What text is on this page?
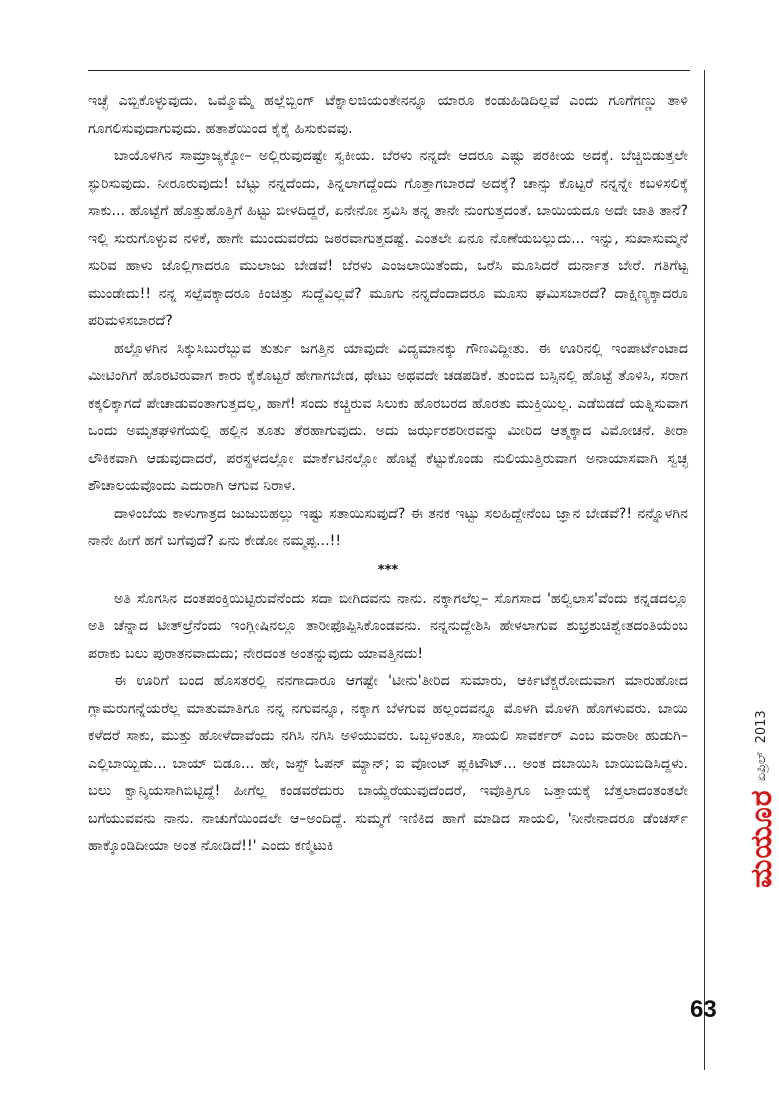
ಇಚ್ಛೆ ಎಬ್ಬಿಕೊಳ್ಳುವುದು. ಒಮ್ಮೊಮ್ಮೆ ಹಲ್ಲೆಬ್ಬಿಂಗ್ ಟೆಕ್ನಾಲಜಿಯಂತೇನನ್ನೂ ಯಾರೂ ಕಂಡುಹಿಡಿದಿಲ್ಲವೆ ಎಂದು ಗೂಗೆಗಣ್ಣು ತಾಳಿ ಗೂಗಲಿಸುವುದಾಗುವುದು. ಹತಾಶೆಯಿಂದ ಕೈಕೈ ಹಿಸುಕುವವು.

ಬಾಯೊಳಗಿನ ಸಾಮ್ರಾಜ್ಯಕ್ಕೋ– ಅಲ್ಲಿರುವುದಷ್ಟೇ ಸ್ವಕೀಯ. ಬೆರಳು ನನ್ನದೇ ಆದರೂ ಎಷ್ಟು ಪರಕೀಯ ಅದಕ್ಕೆ. ಬೆಚ್ಚಿಬಿಡುತ್ತಲೇ ಸ್ಫುರಿಸುವುದು. ನೀರೂರುವುದು! ಬೆಟ್ಟು ನನ್ನದೆಂದು, ತಿನ್ನಲಾಗದ್ದೆಂದು ಗೊತ್ತಾಗಬಾರದೆ ಅದಕ್ಕೆ? ಚಾನ್ಸು ಕೊಟ್ಟರೆ ನನ್ನನ್ನೇ ಕಬಳಿಸಲಿಕ್ಕೆ ಸಾಕು... ಹೊಟ್ಟೆಗೆ ಹೊತ್ತುಹೊತ್ತಿಗೆ ಹಿಟ್ಟು ಬೀಳದಿದ್ದರೆ, ಏನೇನೋ ಸ್ರವಿಸಿ ತನ್ನ ತಾನೇ ನುಂಗುತ್ತದಂತೆ. ಬಾಯಿಯದೂ ಅದೇ ಜಾತಿ ತಾನೆ? ಇಲ್ಲಿ ಸುರುಗೊಳ್ಳುವ ನಳಿಕೆ, ಹಾಗೇ ಮುಂದುವರೆದು ಜಠರವಾಗುತ್ತದಷ್ಟೆ. ಎಂತಲೇ ಏನೂ ನೊಣೆಯಬಲ್ಲುದು... ಇನ್ನು, ಸುಖಾಸುಮ್ಮನೆ ಸುರಿವ ಹಾಳು ಜೊಲ್ಲಿಗಾದರೂ ಮುಲಾಜು ಬೇಡವೆ! ಬೆರಳು ಎಂಜಲಾಯಿತೆಂದು, ಒರೆಸಿ ಮೂಸಿದರೆ ದುರ್ನಾತ ಬೇರೆ. ಗತಿಗೆಟ್ಟ ಮುಂಡೇದು!! ನನ್ನ ಸಲ್ಪೆವಕ್ಕಾದರೂ ಕಿಂಚಿತ್ತು ಸುದ್ದೆವಿಲ್ಲವೆ? ಮೂಗು ನನ್ನದೆಂದಾದರೂ ಮೂಸು ಘಮಿಸಬಾರದೆ? ದಾಕ್ಷಿಣ್ಯಕ್ಕಾದರೂ ಪರಿಮಳಿಸಬಾರದೆ?

ಹಲ್ಲೊಳಗಿನ ಸಿಕ್ಕುಸಿಬುರೆಬ್ಬುವ ತುರ್ತು ಜಗತ್ತಿನ ಯಾವುದೇ ವಿದ್ಯಮಾನಕ್ಕು ಗೌಣವಿದ್ದೀತು. ಈ ಊರಿನಲ್ಲಿ ಇಂಪಾರ್ಟೆಂಟಾದ ಮೀಟಿಂಗಿಗೆ ಹೊರಟಿರುವಾಗ ಕಾರು ಕೈಕೊಟ್ಟರೆ ಹೇಗಾಗಬೇಡ, ಥೇಟು ಅಥವದೇ ಚಡಪಡಿಕೆ. ತುಂಬಿದ ಬಸ್ಸಿನಲ್ಲಿ ಹೊಟ್ಟೆ ತೊಳಿಸಿ, ಸರಾಗ ಕಕ್ಕಲಿಕ್ಕಾಗದೆ ಪೇಚಾಡುವಂತಾಗುತ್ತದಲ್ಲ, ಹಾಗೆ! ಸಂದು ಕಚ್ಚಿರುವ ಸಿಲುಕು ಹೊರಬರದ ಹೊರತು ಮುಕ್ತಿಯಿಲ್ಲ. ಎಡೆಬಿಡದೆ ಯತ್ನಿಸುವಾಗ ಒಂದು ಅಮೃತಘಳಿಗೆಯಲ್ಲಿ ಹಲ್ಲಿನ ತೂತು ತೆರಹಾಗುವುದು. ಅದು ಜರ್ಝರಶರೀರವನ್ನು ಮೀರಿದ ಆತ್ಮಕ್ಕಾದ ವಿಮೋಚನೆ. ತೀರಾ ಲೌಕಿಕವಾಗಿ ಆಡುವುದಾದರೆ, ಪರಸ್ಥಳದಲ್ಲೋ ಮಾರ್ಕೆಟಿನಲ್ಲೋ ಹೊಟ್ಟೆ ಕೆಟ್ಟುಕೊಂಡು ನುಲಿಯುತ್ತಿರುವಾಗ ಅನಾಯಾಸವಾಗಿ ಸ್ವಚ್ಛ ಶೌಚಾಲಯವೊಂದು ಎದುರಾಗಿ ಆಗುವ ನಿರಾಳ.

ದಾಳಿಂಬೆಯ ಕಾಳುಗಾತ್ರದ ಜುಜುಬಿಹಲ್ಲು ಇಷ್ಟು ಸತಾಯಿಸುವುದೆ? ಈ ತನಕ ಇಟ್ಟು ಸಲಹಿದ್ದೇನೆಂಬ ಜ್ಞಾನ ಬೇಡವೆ?! ನನ್ನೊಳಗಿನ ನಾನೇ ಹೀಗೆ ಹಗೆ ಬಗೆವುದೆ? ಏನು ಕೇಡೋ ನಮ್ಮಪ್ಪ...!!

***

ಅತಿ ಸೊಗಸಿನ ದಂತಪಂಕ್ತಿಯಿಟ್ಟಿರುವೆನೆಂದು ಸದಾ ಬೀಗಿದವನು ನಾನು. ನಕ್ಕಾಗಲೆಲ್ಲ– ಸೊಗಸಾದ 'ಹಲ್ವಿಲಾಸ'ವೆಂದು ಕನ್ನಡದಲ್ಲೂ ಅತಿ ಚೆನ್ನಾದ ಟೀತ್‌ಲ್ರೆನೆಂದು ಇಂಗ್ಲೀಷಿನಲ್ಲೂ ತಾರೀಫೊಪ್ಪಿಸಿಕೊಂಡವನು. ನನ್ನನುದ್ದೇಶಿಸಿ ಹೇಳಲಾಗುವ ಶುಭ್ರಶುಚಿಶ್ವೇತದಂತಿಯೆಂಬ ಪರಾಕು ಬಲು ಪುರಾತನವಾದುದು; ನೇರದಂತ ಅಂತನ್ನುವುದು ಯಾವತ್ತಿನದು!

ಈ ಊರಿಗೆ ಬಂದ ಹೊಸತರಲ್ಲಿ ನನಗಾದಾರೂ ಆಗಷ್ಟೇ 'ಟೀನು'ತೀರಿದ ಸುಮಾರು, ಆರ್ಕಿಟೆಕ್ಚರೋದುವಾಗ ಮಾರುಹೋದ ಗ್ಲಾಮರುಗನ್ನೆಯರೆಲ್ಲ ಮಾತುಮಾತಿಗೂ ನನ್ನ ನಗುವನ್ನೂ, ನಕ್ಕಾಗ ಬೆಳಗುವ ಹಲ್ಲಂದವನ್ನೂ ಮೊಳಗಿ ಮೊಳಗಿ ಹೊಗಳುವರು. ಬಾಯಿ ಕಳೆದರೆ ಸಾಕು, ಮುತ್ತು ಹೋಳೆದಾವೆಂದು ನಗಿಸಿ ನಗಿಸಿ ಅಳಿಯುವರು. ಒಬ್ಬಳಂತೂ, ಸಾಯಲಿ ಸಾವರ್ಕರ್ ಎಂಬ ಮರಾಠೀ ಹುಡುಗಿ– ಎಲ್ಲಿಬಾಯ್ಬಿಡು... ಬಾಯ್ ಬಿಡೂ... ಹೇ, ಜಸ್ಟ್ ಓಪನ್ ಮ್ಯಾನ್; ಐ ವೋಂಟ್ ಪ್ಲಕಿಟೌಟ್... ಅಂತ ದಬಾಯಿಸಿ ಬಾಯಿಬಿಡಿಸಿದ್ದಳು. ಬಲು ಕ್ವಾನ್ಶಿಯಸಾಗಿಬಿಟ್ಟಿದ್ದೆ! ಹೀಗೆಲ್ಲ ಕಂಡವರೆದುರು ಬಾಯ್ದೆರೆಯುವುದೆಂದರೆ, ಇವೊತ್ತಿಗೂ ಒತ್ತಾಯಕ್ಕೆ ಬೆತ್ತಲಾದಂತಂತಲೇ ಬಗೆಯುವವನು ನಾನು. ನಾಚುಗೆಯಿಂದಲೇ ಆ–ಅಂದಿದ್ದೆ. ಸುಮ್ಮಗೆ ಇಣಿಕಿದ ಹಾಗೆ ಮಾಡಿದ ಸಾಯಲಿ, 'ನೀನೇನಾದರೂ ಡೆಂಚರ್ಸ್ ಹಾಕ್ಕೊಂಡಿದೀಯಾ ಅಂತ ನೋಡಿದೆ!!' ಎಂದು ಕಣ್ಮಿಟುಕಿ	ಮಯೂರ
ಏಪ್ರಿಲ್
2013
63
